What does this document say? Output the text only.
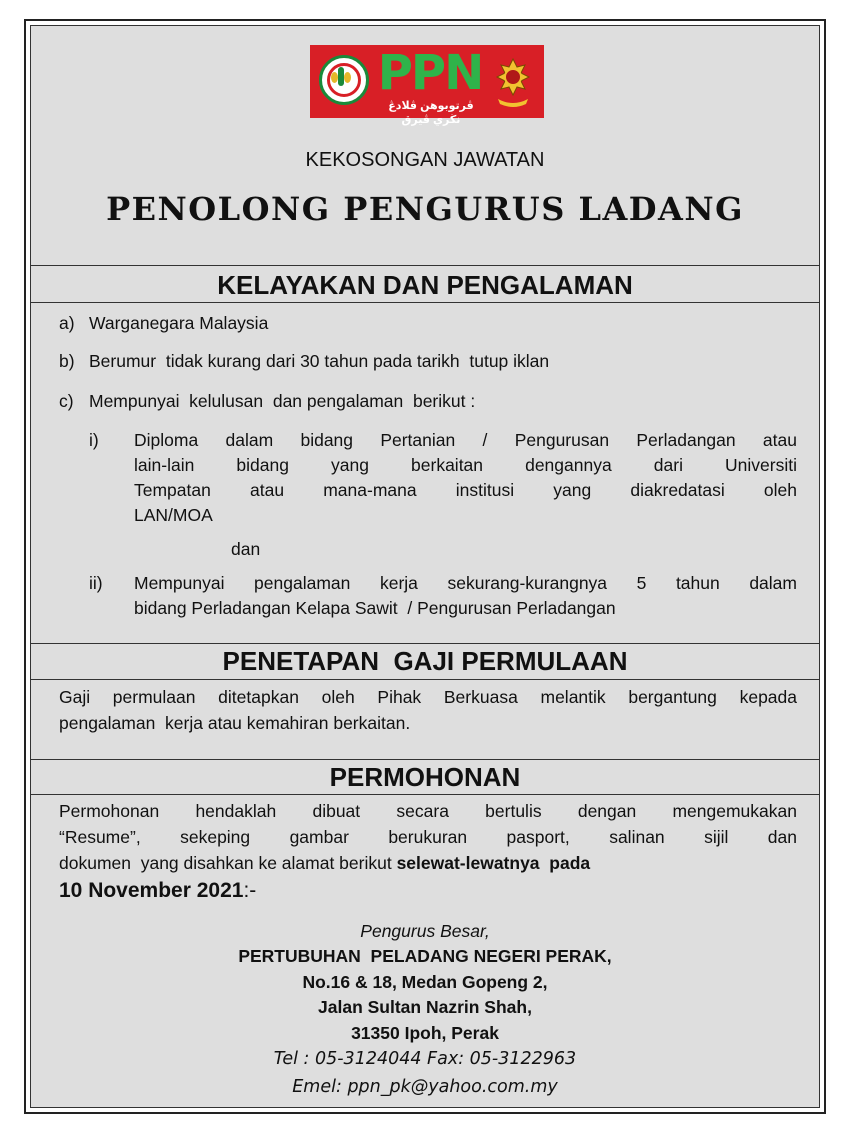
PPN
ڤرتوبوهن ڤلادڠ نڬري ڤيرق
KEKOSONGAN JAWATAN
PENOLONG PENGURUS LADANG
KELAYAKAN DAN PENGALAMAN
a) Warganegara Malaysia
b) Berumur  tidak kurang dari 30 tahun pada tarikh  tutup iklan
c) Mempunyai  kelulusan  dan pengalaman  berikut :
i) Diploma dalam bidang Pertanian / Pengurusan Perladangan atau
lain-lain bidang yang berkaitan dengannya dari Universiti
Tempatan atau mana-mana institusi yang diakredatasi oleh
LAN/MOA
dan
ii) Mempunyai pengalaman kerja sekurang-kurangnya 5 tahun dalam
bidang Perladangan Kelapa Sawit  / Pengurusan Perladangan
PENETAPAN  GAJI PERMULAAN
Gaji permulaan ditetapkan oleh Pihak Berkuasa melantik bergantung kepada
pengalaman  kerja atau kemahiran berkaitan.
PERMOHONAN
Permohonan hendaklah dibuat secara bertulis dengan mengemukakan
“Resume”, sekeping gambar berukuran pasport, salinan sijil dan
dokumen  yang disahkan ke alamat berikut selewat-lewatnya  pada
10 November 2021:-
Pengurus Besar,
PERTUBUHAN  PELADANG NEGERI PERAK,
No.16 & 18, Medan Gopeng 2,
Jalan Sultan Nazrin Shah,
31350 Ipoh, Perak
Tel : 05-3124044 Fax: 05-3122963
Emel: ppn_pk@yahoo.com.my
